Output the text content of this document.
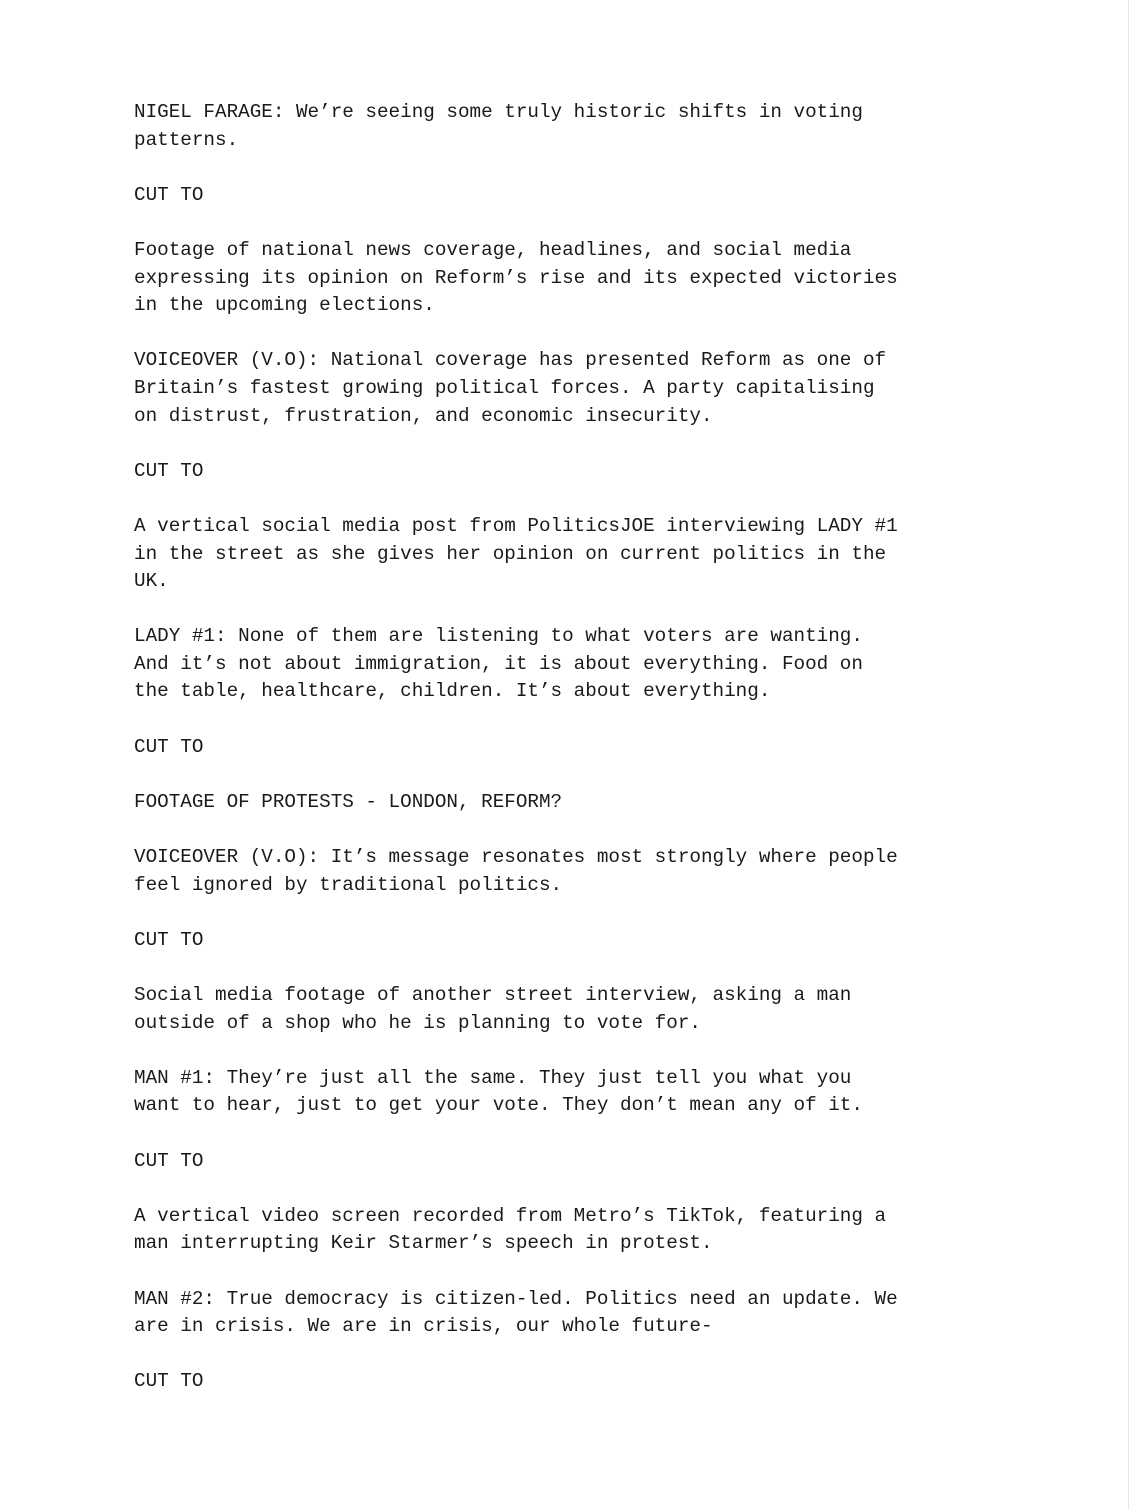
NIGEL FARAGE: We’re seeing some truly historic shifts in voting
patterns.

CUT TO

Footage of national news coverage, headlines, and social media
expressing its opinion on Reform’s rise and its expected victories
in the upcoming elections.

VOICEOVER (V.O): National coverage has presented Reform as one of
Britain’s fastest growing political forces. A party capitalising
on distrust, frustration, and economic insecurity.

CUT TO

A vertical social media post from PoliticsJOE interviewing LADY #1
in the street as she gives her opinion on current politics in the
UK.

LADY #1: None of them are listening to what voters are wanting.
And it’s not about immigration, it is about everything. Food on
the table, healthcare, children. It’s about everything.

CUT TO

FOOTAGE OF PROTESTS - LONDON, REFORM?

VOICEOVER (V.O): It’s message resonates most strongly where people
feel ignored by traditional politics.

CUT TO

Social media footage of another street interview, asking a man
outside of a shop who he is planning to vote for.

MAN #1: They’re just all the same. They just tell you what you
want to hear, just to get your vote. They don’t mean any of it.

CUT TO

A vertical video screen recorded from Metro’s TikTok, featuring a
man interrupting Keir Starmer’s speech in protest.

MAN #2: True democracy is citizen-led. Politics need an update. We
are in crisis. We are in crisis, our whole future-

CUT TO
